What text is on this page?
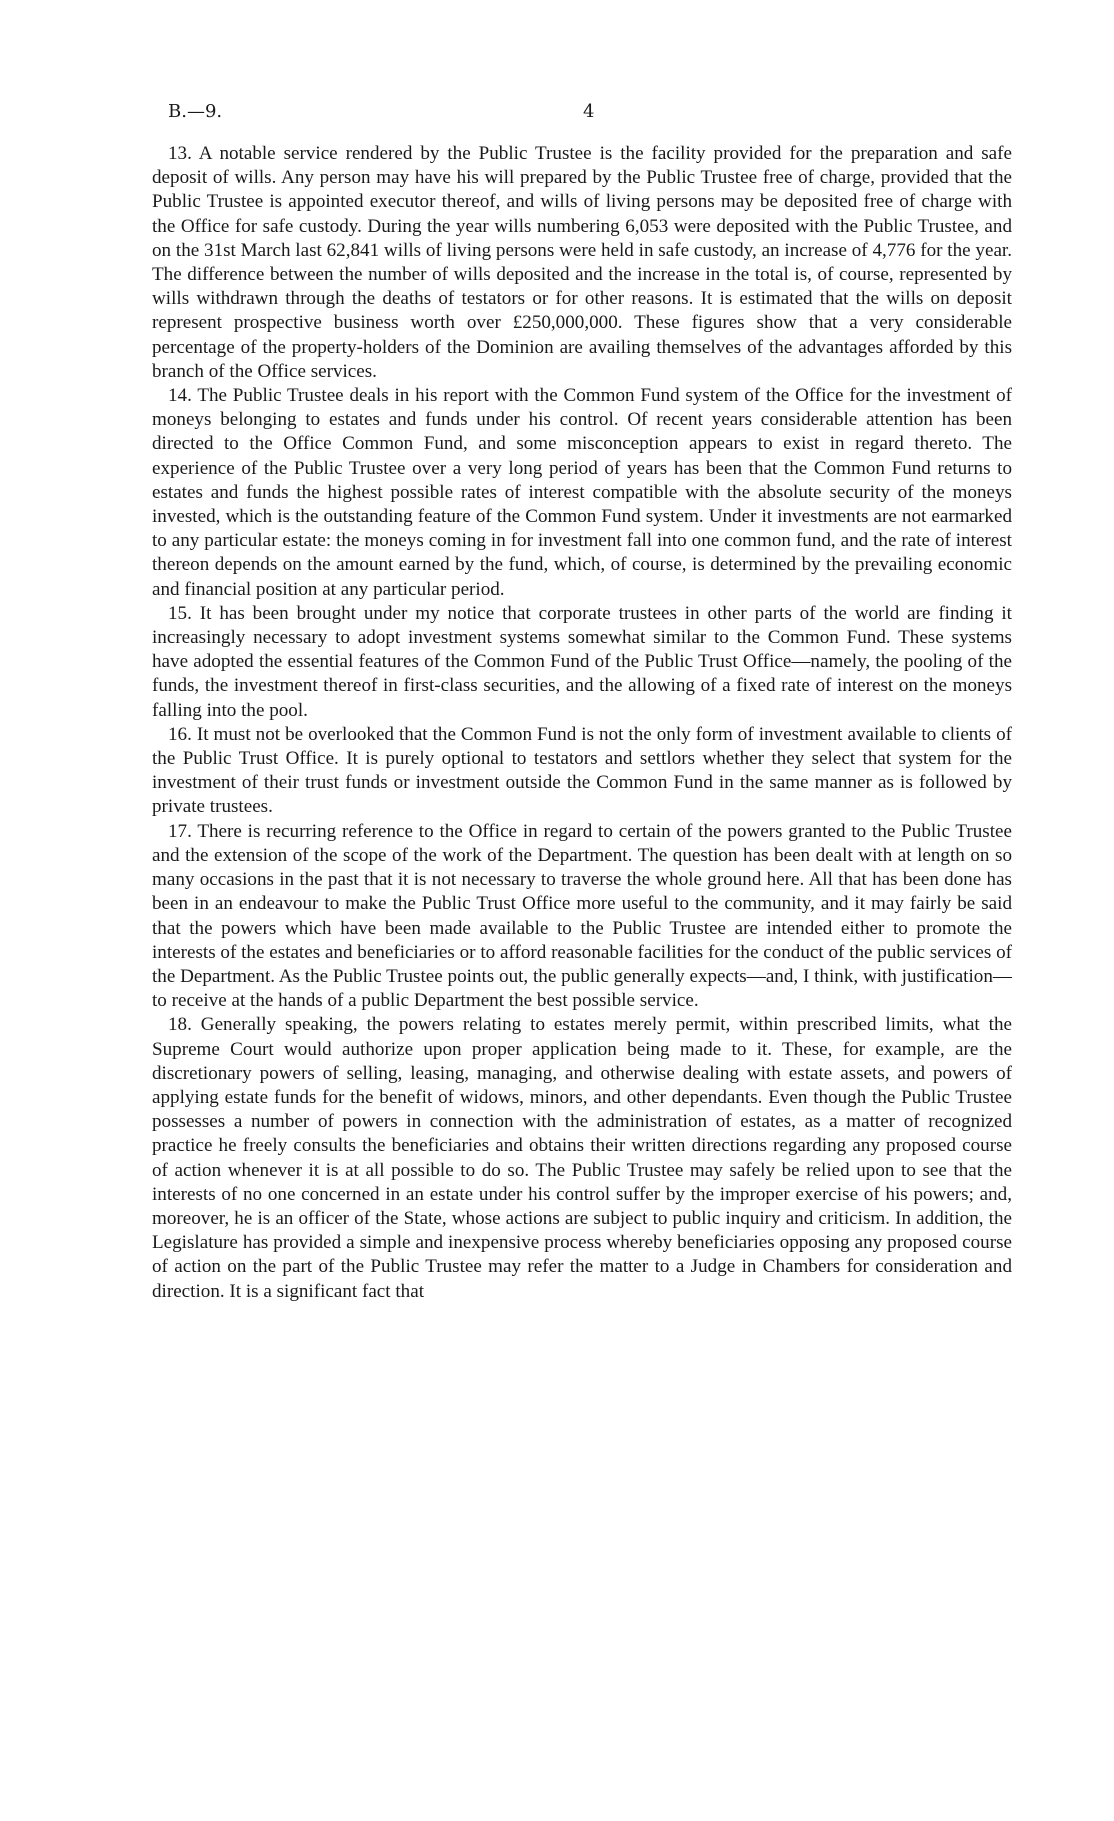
B.—9.	4

13. A notable service rendered by the Public Trustee is the facility provided for the preparation and safe deposit of wills. Any person may have his will prepared by the Public Trustee free of charge, provided that the Public Trustee is appointed executor thereof, and wills of living persons may be deposited free of charge with the Office for safe custody. During the year wills numbering 6,053 were deposited with the Public Trustee, and on the 31st March last 62,841 wills of living persons were held in safe custody, an increase of 4,776 for the year. The difference between the number of wills deposited and the increase in the total is, of course, represented by wills withdrawn through the deaths of testators or for other reasons. It is estimated that the wills on deposit represent prospective business worth over £250,000,000. These figures show that a very considerable percentage of the property-holders of the Dominion are availing themselves of the advantages afforded by this branch of the Office services.

14. The Public Trustee deals in his report with the Common Fund system of the Office for the investment of moneys belonging to estates and funds under his control. Of recent years considerable attention has been directed to the Office Common Fund, and some misconception appears to exist in regard thereto. The experience of the Public Trustee over a very long period of years has been that the Common Fund returns to estates and funds the highest possible rates of interest compatible with the absolute security of the moneys invested, which is the outstanding feature of the Common Fund system. Under it investments are not earmarked to any particular estate: the moneys coming in for investment fall into one common fund, and the rate of interest thereon depends on the amount earned by the fund, which, of course, is determined by the prevailing economic and financial position at any particular period.

15. It has been brought under my notice that corporate trustees in other parts of the world are finding it increasingly necessary to adopt investment systems somewhat similar to the Common Fund. These systems have adopted the essential features of the Common Fund of the Public Trust Office—namely, the pooling of the funds, the investment thereof in first-class securities, and the allowing of a fixed rate of interest on the moneys falling into the pool.

16. It must not be overlooked that the Common Fund is not the only form of investment available to clients of the Public Trust Office. It is purely optional to testators and settlors whether they select that system for the investment of their trust funds or investment outside the Common Fund in the same manner as is followed by private trustees.

17. There is recurring reference to the Office in regard to certain of the powers granted to the Public Trustee and the extension of the scope of the work of the Department. The question has been dealt with at length on so many occasions in the past that it is not necessary to traverse the whole ground here. All that has been done has been in an endeavour to make the Public Trust Office more useful to the community, and it may fairly be said that the powers which have been made available to the Public Trustee are intended either to promote the interests of the estates and beneficiaries or to afford reasonable facilities for the conduct of the public services of the Department. As the Public Trustee points out, the public generally expects—and, I think, with justification—to receive at the hands of a public Department the best possible service.

18. Generally speaking, the powers relating to estates merely permit, within prescribed limits, what the Supreme Court would authorize upon proper application being made to it. These, for example, are the discretionary powers of selling, leasing, managing, and otherwise dealing with estate assets, and powers of applying estate funds for the benefit of widows, minors, and other dependants. Even though the Public Trustee possesses a number of powers in connection with the administration of estates, as a matter of recognized practice he freely consults the beneficiaries and obtains their written directions regarding any proposed course of action whenever it is at all possible to do so. The Public Trustee may safely be relied upon to see that the interests of no one concerned in an estate under his control suffer by the improper exercise of his powers; and, moreover, he is an officer of the State, whose actions are subject to public inquiry and criticism. In addition, the Legislature has provided a simple and inexpensive process whereby beneficiaries opposing any proposed course of action on the part of the Public Trustee may refer the matter to a Judge in Chambers for consideration and direction. It is a significant fact that
